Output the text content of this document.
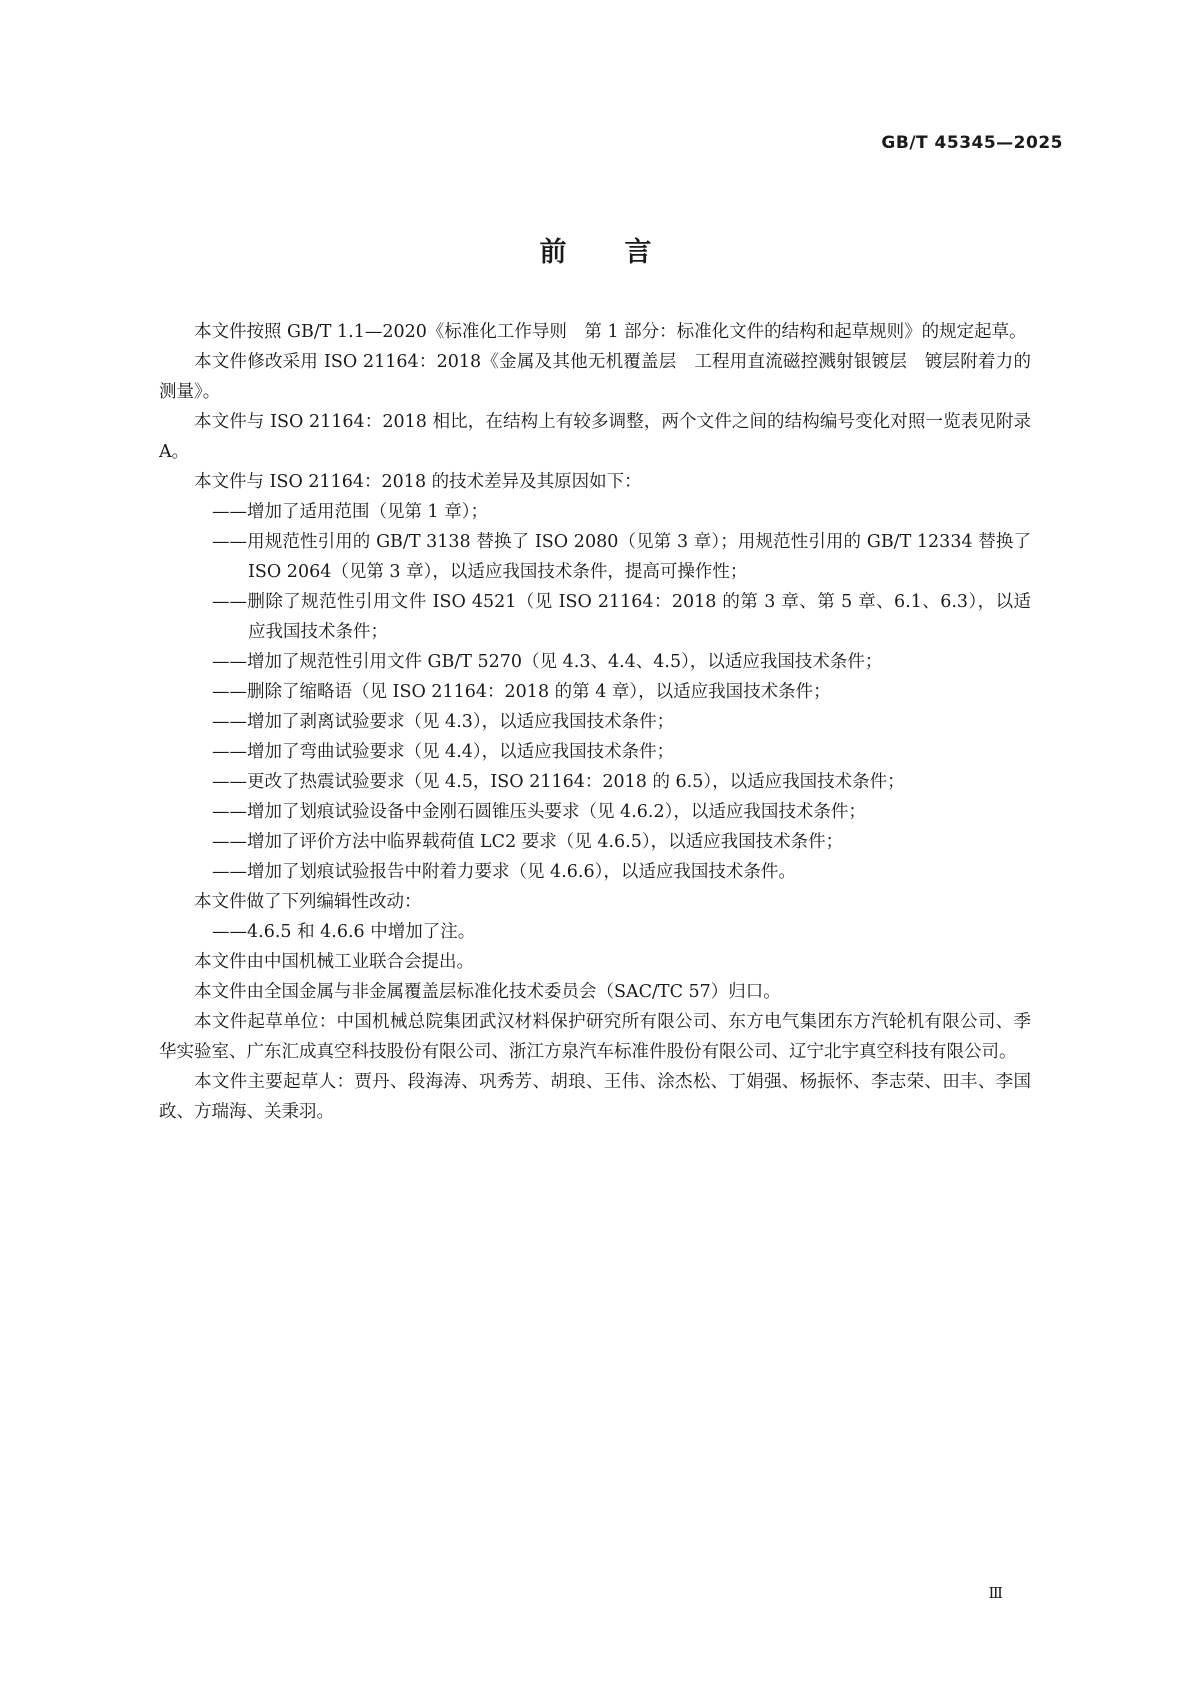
GB/T 45345—2025
前言

本文件按照 GB/T 1.1—2020《标准化工作导则　第 1 部分：标准化文件的结构和起草规则》的规定起草。

本文件修改采用 ISO 21164：2018《金属及其他无机覆盖层　工程用直流磁控溅射银镀层　镀层附着力的测量》。

本文件与 ISO 21164：2018 相比，在结构上有较多调整，两个文件之间的结构编号变化对照一览表见附录 A。

本文件与 ISO 21164：2018 的技术差异及其原因如下：

——增加了适用范围（见第 1 章）；

——用规范性引用的 GB/T 3138 替换了 ISO 2080（见第 3 章）；用规范性引用的 GB/T 12334 替换了 ISO 2064（见第 3 章），以适应我国技术条件，提高可操作性；

——删除了规范性引用文件 ISO 4521（见 ISO 21164：2018 的第 3 章、第 5 章、6.1、6.3），以适应我国技术条件；

——增加了规范性引用文件 GB/T 5270（见 4.3、4.4、4.5），以适应我国技术条件；

——删除了缩略语（见 ISO 21164：2018 的第 4 章），以适应我国技术条件；

——增加了剥离试验要求（见 4.3），以适应我国技术条件；

——增加了弯曲试验要求（见 4.4），以适应我国技术条件；

——更改了热震试验要求（见 4.5，ISO 21164：2018 的 6.5），以适应我国技术条件；

——增加了划痕试验设备中金刚石圆锥压头要求（见 4.6.2），以适应我国技术条件；

——增加了评价方法中临界载荷值 LC2 要求（见 4.6.5），以适应我国技术条件；

——增加了划痕试验报告中附着力要求（见 4.6.6），以适应我国技术条件。

本文件做了下列编辑性改动：

——4.6.5 和 4.6.6 中增加了注。

本文件由中国机械工业联合会提出。

本文件由全国金属与非金属覆盖层标准化技术委员会（SAC/TC 57）归口。

本文件起草单位：中国机械总院集团武汉材料保护研究所有限公司、东方电气集团东方汽轮机有限公司、季华实验室、广东汇成真空科技股份有限公司、浙江方泉汽车标准件股份有限公司、辽宁北宇真空科技有限公司。

本文件主要起草人：贾丹、段海涛、巩秀芳、胡琅、王伟、涂杰松、丁娟强、杨振怀、李志荣、田丰、李国政、方瑞海、关秉羽。

Ⅲ
